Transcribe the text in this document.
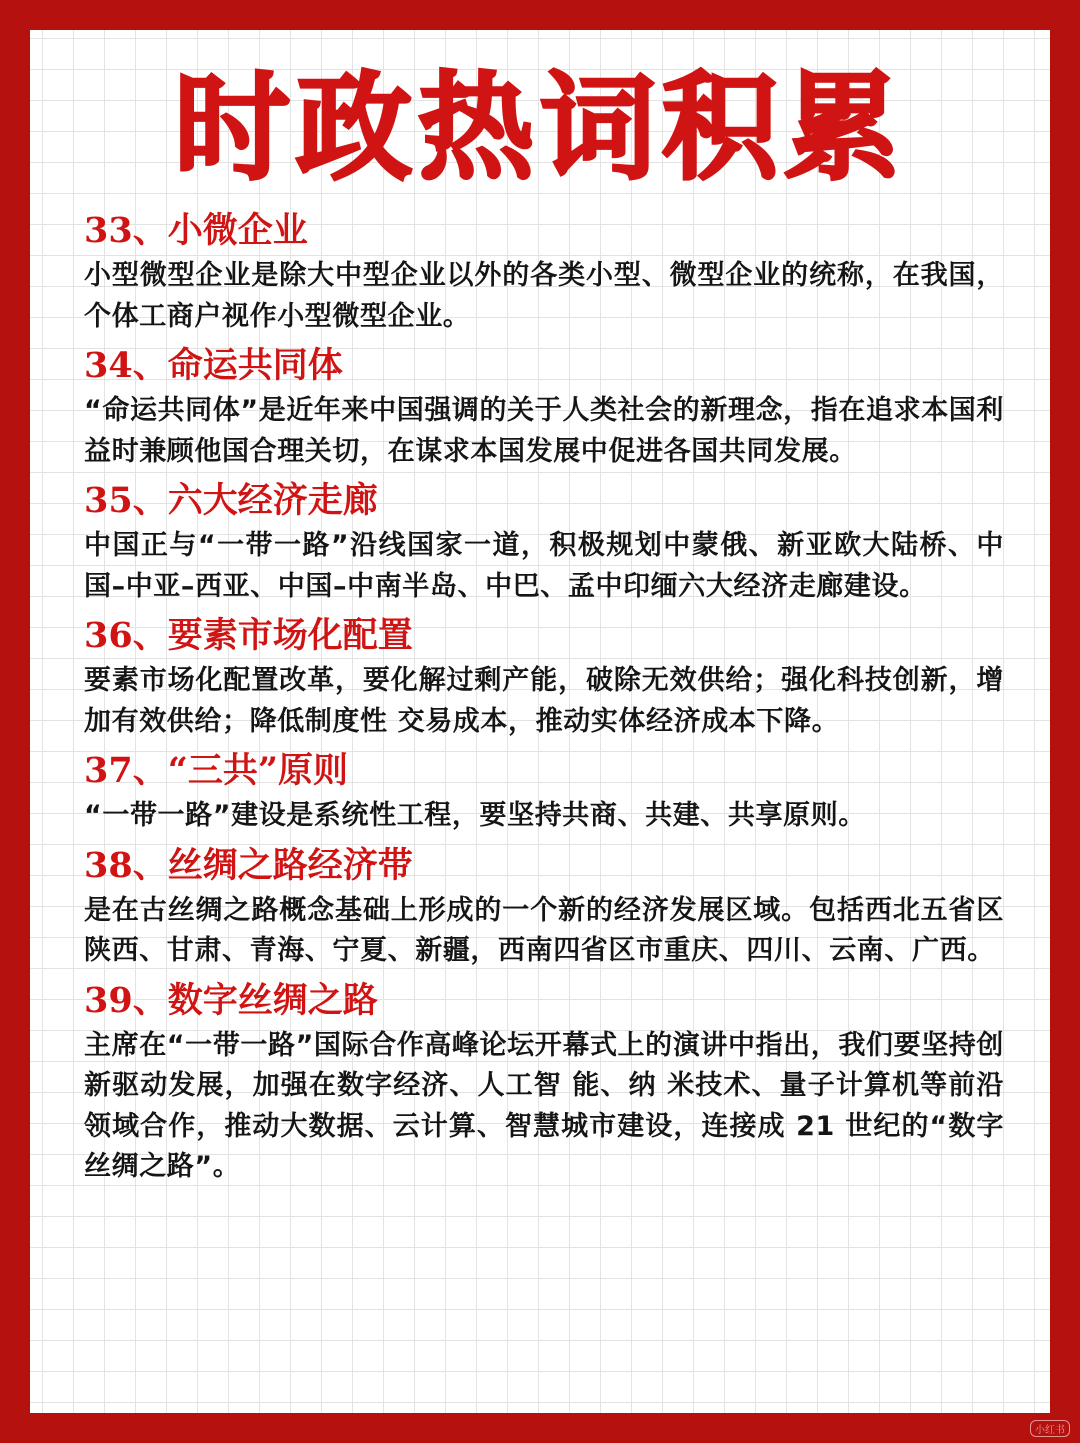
时政热词积累
33、小微企业

小型微型企业是除大中型企业以外的各类小型、微型企业的统称，在我国，个体工商户视作小型微型企业。

34、命运共同体

“命运共同体”是近年来中国强调的关于人类社会的新理念，指在追求本国利益时兼顾他国合理关切，在谋求本国发展中促进各国共同发展。

35、六大经济走廊

中国正与“一带一路”沿线国家一道，积极规划中蒙俄、新亚欧大陆桥、中国–中亚–西亚、中国–中南半岛、中巴、孟中印缅六大经济走廊建设。

36、要素市场化配置

要素市场化配置改革，要化解过剩产能，破除无效供给；强化科技创新，增加有效供给；降低制度性 交易成本，推动实体经济成本下降。

37、“三共”原则

“一带一路”建设是系统性工程，要坚持共商、共建、共享原则。

38、丝绸之路经济带

是在古丝绸之路概念基础上形成的一个新的经济发展区域。包括西北五省区陕西、甘肃、青海、宁夏、新疆，西南四省区市重庆、四川、云南、广西。

39、数字丝绸之路

主席在“一带一路”国际合作高峰论坛开幕式上的演讲中指出，我们要坚持创新驱动发展，加强在数字经济、人工智 能、纳 米技术、量子计算机等前沿领域合作，推动大数据、云计算、智慧城市建设，连接成 21 世纪的“数字丝绸之路”。

小红书
